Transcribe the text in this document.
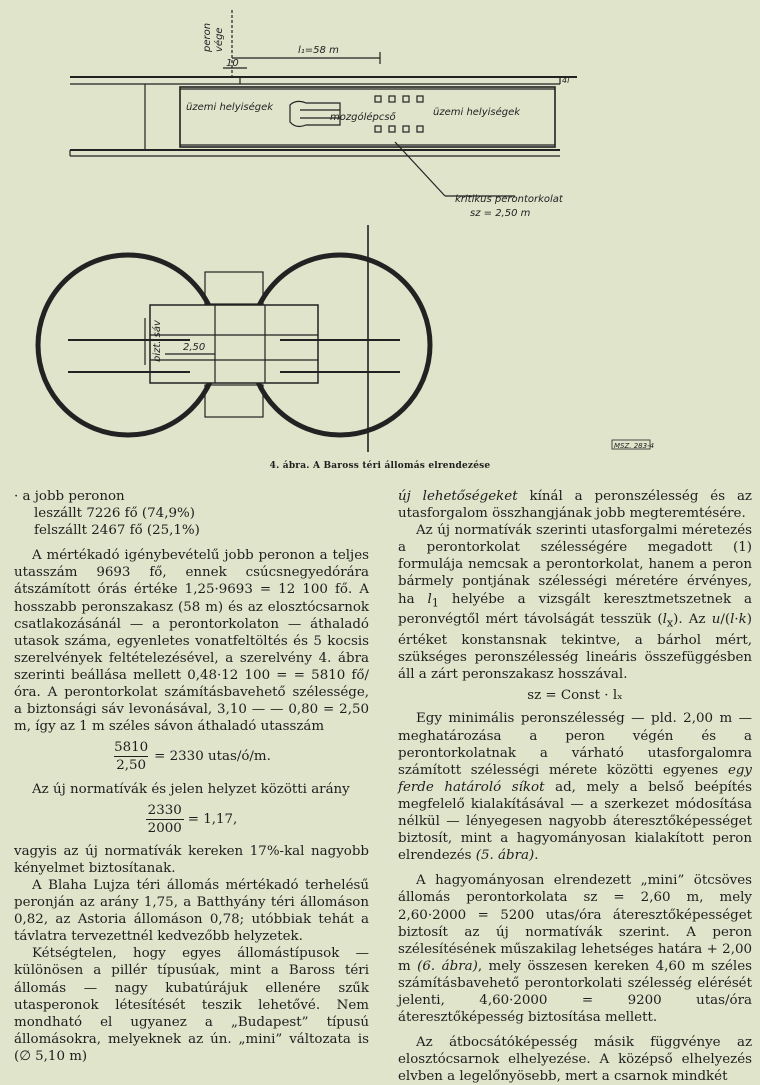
peron vége	l₁=58 m
10
4l
üzemi helyiségek
mozgólépcső	üzemi helyiségek
kritikus perontorkolat
sz = 2,50 m
bizt. sáv 2,50
MSZ. 283-4
4. ábra. A Baross téri állomás elrendezése

· a jobb peronon

leszállt 7226 fő (74,9%)
felszállt 2467 fő (25,1%)

A mértékadó igénybevételű jobb peronon a teljes utasszám 9693 fő, ennek csúcsnegyedórára átszámított órás értéke 1,25·9693 = 12 100 fő. A hosszabb peronszakasz (58 m) és az elosztócsarnok csatlakozásánál — a perontorkolaton — áthaladó utasok száma, egyenletes vonatfeltöltés és 5 kocsis szerelvények feltételezésével, a szerelvény 4. ábra szerinti beállása mellett 0,48·12 100 = = 5810 fő/óra. A perontorkolat számításbavehető szélessége, a biztonsági sáv levonásával, 3,10 — — 0,80 = 2,50 m, így az 1 m széles sávon áthaladó utasszám

$\frac{5810}{2,50} = 2330$ utas/ó/m.

Az új normatívák és jelen helyzet közötti arány

$\frac{2330}{2000} = 1,17$,

vagyis az új normatívák kereken 17%-kal nagyobb kényelmet biztosítanak.

A Blaha Lujza téri állomás mértékadó terhelésű peronján az arány 1,75, a Batthyány téri állomáson 0,82, az Astoria állomáson 0,78; utóbbiak tehát a távlatra tervezettnél kedvezőbb helyzetek.

Kétségtelen, hogy egyes állomástípusok — különösen a pillér típusúak, mint a Baross téri állomás — nagy kubatúrájuk ellenére szűk utasperonok létesítését teszik lehetővé. Nem mondható el ugyanez a „Budapest” típusú állomásokra, melyeknek az ún. „mini” változata is (∅ 5,10 m)

új lehetőségeket kínál a peronszélesség és az utasforgalom összhangjának jobb megteremtésére.

Az új normatívák szerinti utasforgalmi méretezés a perontorkolat szélességére megadott (1) formulája nemcsak a perontorkolat, hanem a peron bármely pontjának szélességi méretére érvényes, ha $l_1$ helyébe a vizsgált keresztmetszetnek a peronvégtől mért távolságát tesszük $(l_x)$. Az u/(l·k) értéket konstansnak tekintve, a bárhol mért, szükséges peronszélesség lineáris összefüggésben áll a zárt peronszakasz hosszával.

sz = Const · lₓ

Egy minimális peronszélesség — pld. 2,00 m — meghatározása a peron végén és a perontorkolatnak a várható utasforgalomra számított szélességi mérete közötti egyenes egy ferde határoló síkot ad, mely a belső beépítés megfelelő kialakításával — a szerkezet módosítása nélkül — lényegesen nagyobb áteresztőképességet biztosít, mint a hagyományosan kialakított peron elrendezés (5. ábra).

A hagyományosan elrendezett „mini” ötcsöves állomás perontorkolata sz = 2,60 m, mely 2,60·2000 = 5200 utas/óra áteresztőképességet biztosít az új normatívák szerint. A peron szélesítésének műszakilag lehetséges határa + 2,00 m (6. ábra), mely összesen kereken 4,60 m széles számításbavehető perontorkolati szélesség elérését jelenti, 4,60·2000 = 9200 utas/óra áteresztőképesség biztosítása mellett.

Az átbocsátóképesség másik függvénye az elosztócsarnok elhelyezése. A középső elhelyezés elvben a legelőnyösebb, mert a csarnok mindkét
